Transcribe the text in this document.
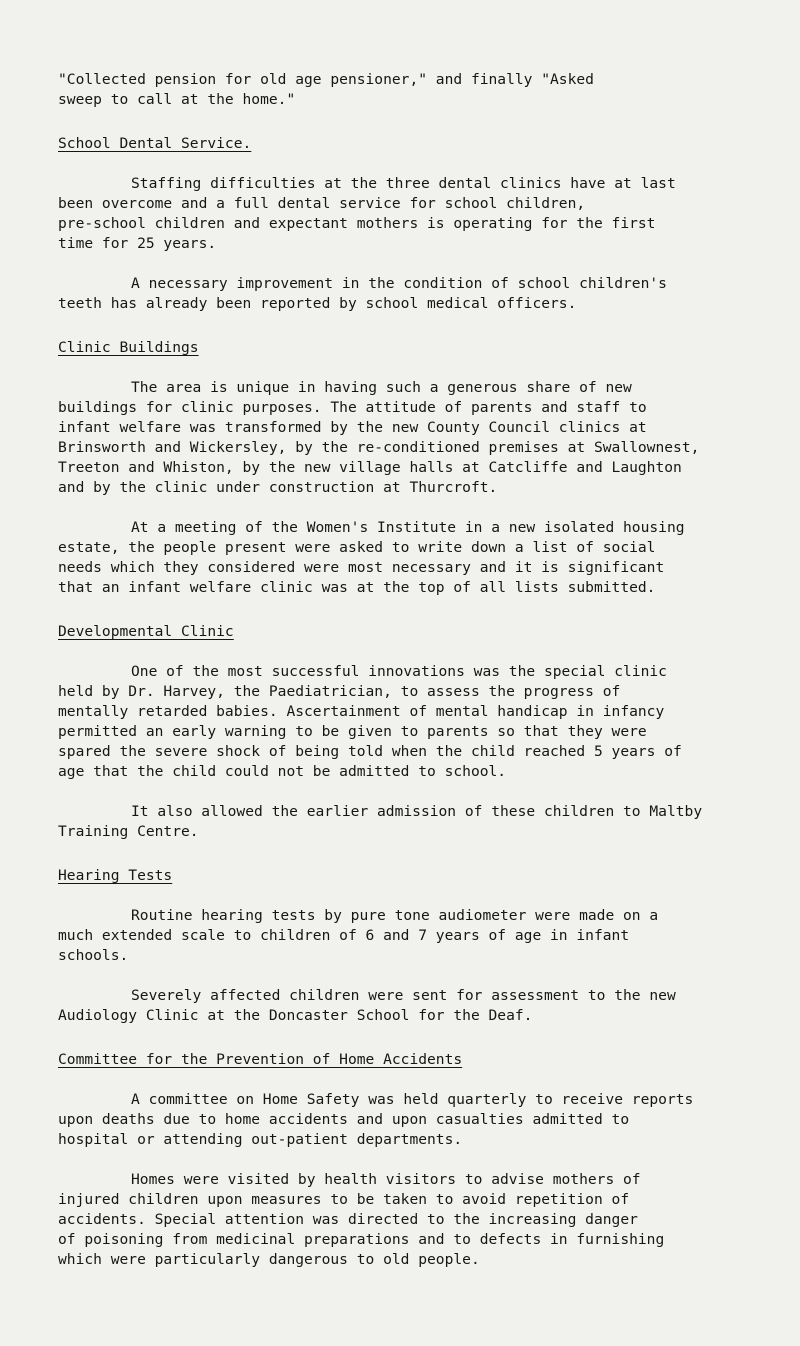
"Collected pension for old age pensioner," and finally "Asked
sweep to call at the home."

School Dental Service.

Staffing difficulties at the three dental clinics have at last
been overcome and a full dental service for school children,
pre-school children and expectant mothers is operating for the first
time for 25 years.

A necessary improvement in the condition of school children's
teeth has already been reported by school medical officers.

Clinic Buildings

The area is unique in having such a generous share of new
buildings for clinic purposes. The attitude of parents and staff to
infant welfare was transformed by the new County Council clinics at
Brinsworth and Wickersley, by the re-conditioned premises at Swallownest,
Treeton and Whiston, by the new village halls at Catcliffe and Laughton
and by the clinic under construction at Thurcroft.

At a meeting of the Women's Institute in a new isolated housing
estate, the people present were asked to write down a list of social
needs which they considered were most necessary and it is significant
that an infant welfare clinic was at the top of all lists submitted.

Developmental Clinic

One of the most successful innovations was the special clinic
held by Dr. Harvey, the Paediatrician, to assess the progress of
mentally retarded babies. Ascertainment of mental handicap in infancy
permitted an early warning to be given to parents so that they were
spared the severe shock of being told when the child reached 5 years of
age that the child could not be admitted to school.

It also allowed the earlier admission of these children to Maltby
Training Centre.

Hearing Tests

Routine hearing tests by pure tone audiometer were made on a
much extended scale to children of 6 and 7 years of age in infant
schools.

Severely affected children were sent for assessment to the new
Audiology Clinic at the Doncaster School for the Deaf.

Committee for the Prevention of Home Accidents

A committee on Home Safety was held quarterly to receive reports
upon deaths due to home accidents and upon casualties admitted to
hospital or attending out-patient departments.

Homes were visited by health visitors to advise mothers of
injured children upon measures to be taken to avoid repetition of
accidents. Special attention was directed to the increasing danger
of poisoning from medicinal preparations and to defects in furnishing
which were particularly dangerous to old people.
